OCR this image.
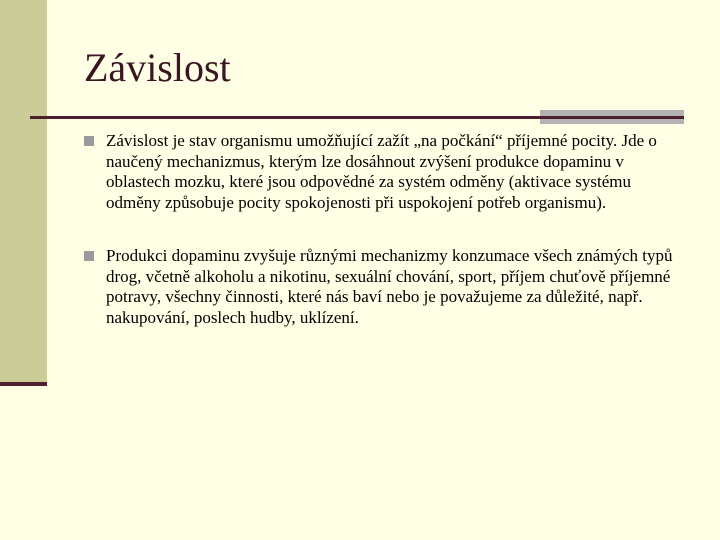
Závislost
Závislost je stav organismu umožňující zažít „na počkání“ příjemné pocity. Jde o naučený mechanizmus, kterým lze dosáhnout zvýšení produkce dopaminu v oblastech mozku, které jsou odpovědné za systém odměny (aktivace systému odměny způsobuje pocity spokojenosti při uspokojení potřeb organismu).
Produkci dopaminu zvyšuje různými mechanizmy konzumace všech známých typů drog, včetně alkoholu a nikotinu, sexuální chování, sport, příjem chuťově příjemné potravy, všechny činnosti, které nás baví nebo je považujeme za důležité, např. nakupování, poslech hudby, uklízení.
